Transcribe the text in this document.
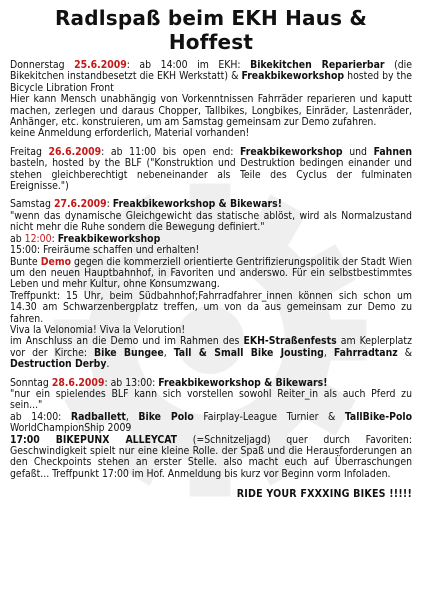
Radlspaß beim EKH Haus & Hoffest

Donnerstag 25.6.2009: ab 14:00 im EKH: Bikekitchen Reparierbar (die Bikekitchen instandbesetzt die EKH Werkstatt) & Freakbikeworkshop hosted by the Bicycle Libration Front

Hier kann Mensch unabhängig von Vorkenntnissen Fahrräder reparieren und kaputt machen, zerlegen und daraus Chopper, Tallbikes, Longbikes, Einräder, Lastenräder, Anhänger, etc. konstruieren, um am Samstag gemeinsam zur Demo zufahren.

keine Anmeldung erforderlich, Material vorhanden!

Freitag 26.6.2009: ab 11:00 bis open end: Freakbikeworkshop und Fahnen basteln, hosted by the BLF ("Konstruktion und Destruktion bedingen einander und stehen gleichberechtigt nebeneinander als Teile des Cyclus der fulminaten Ereignisse.")

Samstag 27.6.2009: Freakbikeworkshop & Bikewars!

"wenn das dynamische Gleichgewicht das statische ablöst, wird als Normalzustand nicht mehr die Ruhe sondern die Bewegung definiert."

ab 12:00: Freakbikeworkshop

15:00: Freiräume schaffen und erhalten!

Bunte Demo gegen die kommerziell orientierte Gentrifizierungspolitik der Stadt Wien um den neuen Hauptbahnhof, in Favoriten und anderswo. Für ein selbstbestimmtes Leben und mehr Kultur, ohne Konsumzwang.

Treffpunkt: 15 Uhr, beim Südbahnhof;Fahrradfahrer_innen können sich schon um 14.30 am Schwarzenbergplatz treffen, um von da aus gemeinsam zur Demo zu fahren.

Viva la Velonomia! Viva la Velorution!

im Anschluss an die Demo und im Rahmen des EKH-Straßenfests am Keplerplatz vor der Kirche: Bike Bungee, Tall & Small Bike Jousting, Fahrradtanz & Destruction Derby.

Sonntag 28.6.2009: ab 13:00: Freakbikeworkshop & Bikewars!

"nur ein spielendes BLF kann sich vorstellen sowohl Reiter_in als auch Pferd zu sein..."

ab 14:00: Radballett, Bike Polo Fairplay-League Turnier & TallBike-Polo WorldChampionShip 2009

17:00 BIKEPUNX ALLEYCAT (=Schnitzeljagd) quer durch Favoriten: Geschwindigkeit spielt nur eine kleine Rolle. der Spaß und die Herausforderungen an den Checkpoints stehen an erster Stelle. also macht euch auf Überraschungen gefaßt... Treffpunkt 17:00 im Hof. Anmeldung bis kurz vor Beginn vorm Infoladen.

RIDE YOUR FXXXING BIKES !!!!!
